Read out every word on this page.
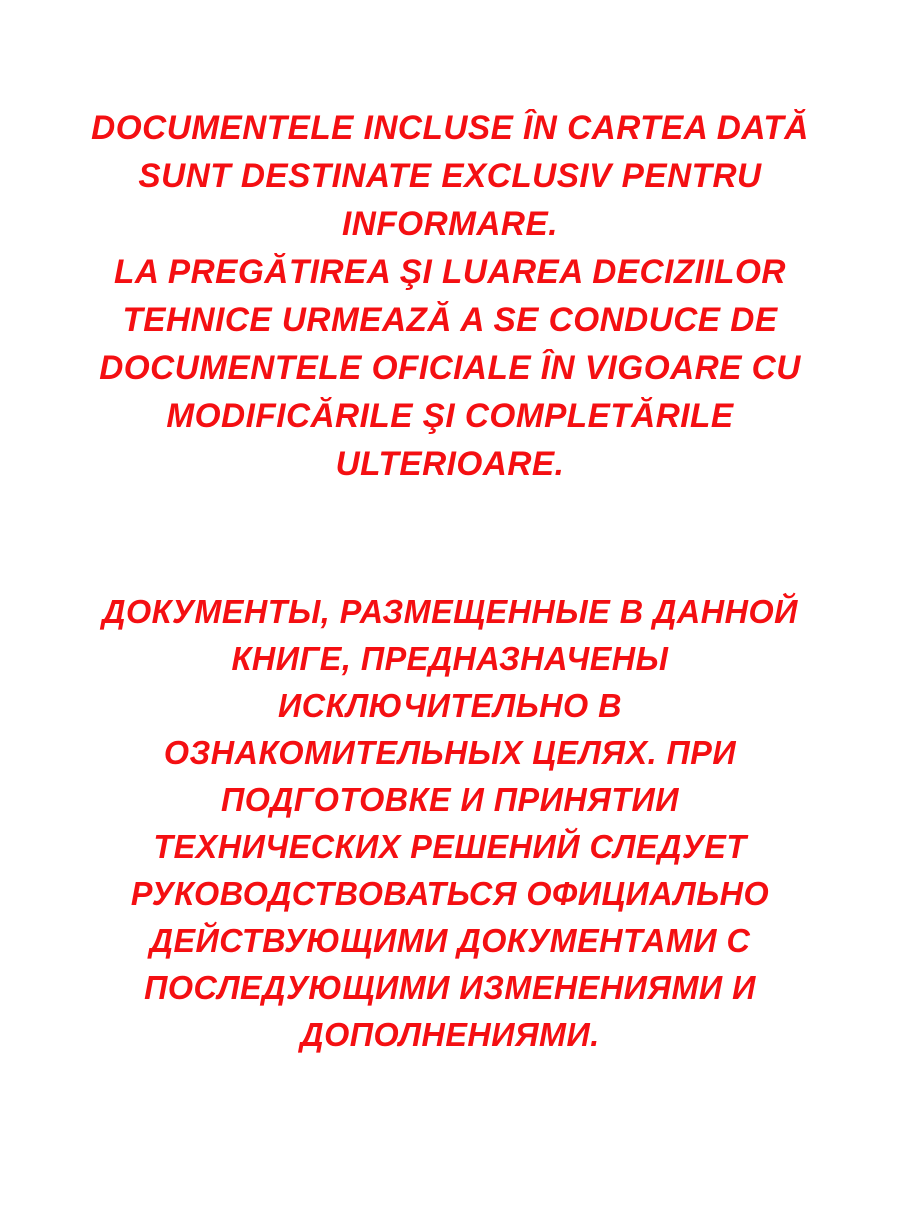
DOCUMENTELE INCLUSE ÎN CARTEA DATĂ
SUNT DESTINATE EXCLUSIV PENTRU
INFORMARE.
LA PREGĂTIREA ŞI LUAREA DECIZIILOR
TEHNICE URMEAZĂ A SE CONDUCE DE
DOCUMENTELE OFICIALE ÎN VIGOARE CU
MODIFICĂRILE ŞI COMPLETĂRILE
ULTERIOARE.
ДОКУМЕНТЫ, РАЗМЕЩЕННЫЕ В ДАННОЙ
КНИГЕ, ПРЕДНАЗНАЧЕНЫ
ИСКЛЮЧИТЕЛЬНО В
ОЗНАКОМИТЕЛЬНЫХ ЦЕЛЯХ. ПРИ
ПОДГОТОВКЕ И ПРИНЯТИИ
ТЕХНИЧЕСКИХ РЕШЕНИЙ СЛЕДУЕТ
РУКОВОДСТВОВАТЬСЯ ОФИЦИАЛЬНО
ДЕЙСТВУЮЩИМИ ДОКУМЕНТАМИ С
ПОСЛЕДУЮЩИМИ ИЗМЕНЕНИЯМИ И
ДОПОЛНЕНИЯМИ.
